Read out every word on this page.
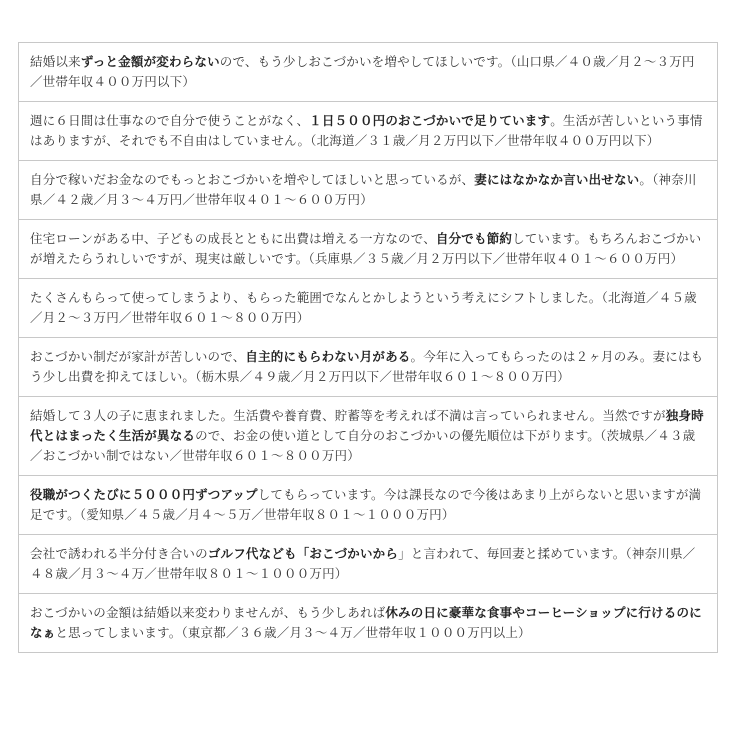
結婚以来ずっと金額が変わらないので、もう少しおこづかいを増やしてほしいです。（山口県／４０歳／月２～３万円／世帯年収４００万円以下）
週に６日間は仕事なので自分で使うことがなく、１日５００円のおこづかいで足りています。生活が苦しいという事情はありますが、それでも不自由はしていません。（北海道／３１歳／月２万円以下／世帯年収４００万円以下）
自分で稼いだお金なのでもっとおこづかいを増やしてほしいと思っているが、妻にはなかなか言い出せない。（神奈川県／４２歳／月３～４万円／世帯年収４０１～６００万円）
住宅ローンがある中、子どもの成長とともに出費は増える一方なので、自分でも節約しています。もちろんおこづかいが増えたらうれしいですが、現実は厳しいです。（兵庫県／３５歳／月２万円以下／世帯年収４０１～６００万円）
たくさんもらって使ってしまうより、もらった範囲でなんとかしようという考えにシフトしました。（北海道／４５歳／月２～３万円／世帯年収６０１～８００万円）
おこづかい制だが家計が苦しいので、自主的にもらわない月がある。今年に入ってもらったのは２ヶ月のみ。妻にはもう少し出費を抑えてほしい。（栃木県／４９歳／月２万円以下／世帯年収６０１～８００万円）
結婚して３人の子に恵まれました。生活費や養育費、貯蓄等を考えれば不満は言っていられません。当然ですが独身時代とはまったく生活が異なるので、お金の使い道として自分のおこづかいの優先順位は下がります。（茨城県／４３歳／おこづかい制ではない／世帯年収６０１～８００万円）
役職がつくたびに５０００円ずつアップしてもらっています。今は課長なので今後はあまり上がらないと思いますが満足です。（愛知県／４５歳／月４～５万／世帯年収８０１～１０００万円）
会社で誘われる半分付き合いのゴルフ代なども「おこづかいから」と言われて、毎回妻と揉めています。（神奈川県／４８歳／月３～４万／世帯年収８０１～１０００万円）
おこづかいの金額は結婚以来変わりませんが、もう少しあれば休みの日に豪華な食事やコーヒーショップに行けるのになぁと思ってしまいます。（東京都／３６歳／月３～４万／世帯年収１０００万円以上）
